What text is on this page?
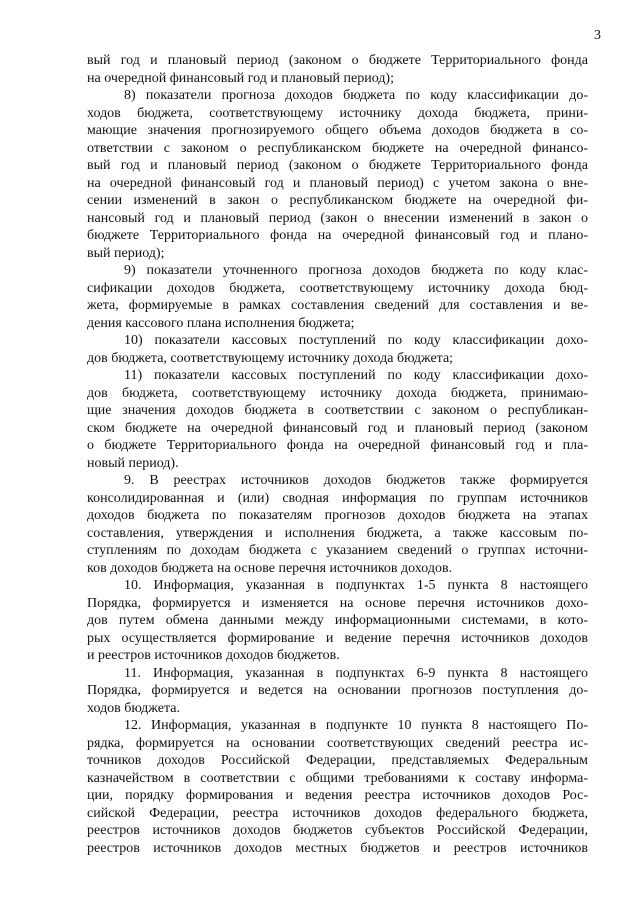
3
вый год и плановый период (законом о бюджете Территориального фонда
на очередной финансовый год и плановый период);
8) показатели прогноза доходов бюджета по коду классификации до-
ходов бюджета, соответствующему источнику дохода бюджета, прини-
мающие значения прогнозируемого общего объема доходов бюджета в со-
ответствии с законом о республиканском бюджете на очередной финансо-
вый год и плановый период (законом о бюджете Территориального фонда
на очередной финансовый год и плановый период) с учетом закона о вне-
сении изменений в закон о республиканском бюджете на очередной фи-
нансовый год и плановый период (закон о внесении изменений в закон о
бюджете Территориального фонда на очередной финансовый год и плано-
вый период);
9) показатели уточненного прогноза доходов бюджета по коду клас-
сификации доходов бюджета, соответствующему источнику дохода бюд-
жета, формируемые в рамках составления сведений для составления и ве-
дения кассового плана исполнения бюджета;
10) показатели кассовых поступлений по коду классификации дохо-
дов бюджета, соответствующему источнику дохода бюджета;
11) показатели кассовых поступлений по коду классификации дохо-
дов бюджета, соответствующему источнику дохода бюджета, принимаю-
щие значения доходов бюджета в соответствии с законом о республикан-
ском бюджете на очередной финансовый год и плановый период (законом
о бюджете Территориального фонда на очередной финансовый год и пла-
новый период).
9. В реестрах источников доходов бюджетов также формируется
консолидированная и (или) сводная информация по группам источников
доходов бюджета по показателям прогнозов доходов бюджета на этапах
составления, утверждения и исполнения бюджета, а также кассовым по-
ступлениям по доходам бюджета с указанием сведений о группах источни-
ков доходов бюджета на основе перечня источников доходов.
10. Информация, указанная в подпунктах 1-5 пункта 8 настоящего
Порядка, формируется и изменяется на основе перечня источников дохо-
дов путем обмена данными между информационными системами, в кото-
рых осуществляется формирование и ведение перечня источников доходов
и реестров источников доходов бюджетов.
11. Информация, указанная в подпунктах 6-9 пункта 8 настоящего
Порядка, формируется и ведется на основании прогнозов поступления до-
ходов бюджета.
12. Информация, указанная в подпункте 10 пункта 8 настоящего По-
рядка, формируется на основании соответствующих сведений реестра ис-
точников доходов Российской Федерации, представляемых Федеральным
казначейством в соответствии с общими требованиями к составу информа-
ции, порядку формирования и ведения реестра источников доходов Рос-
сийской Федерации, реестра источников доходов федерального бюджета,
реестров источников доходов бюджетов субъектов Российской Федерации,
реестров источников доходов местных бюджетов и реестров источников
